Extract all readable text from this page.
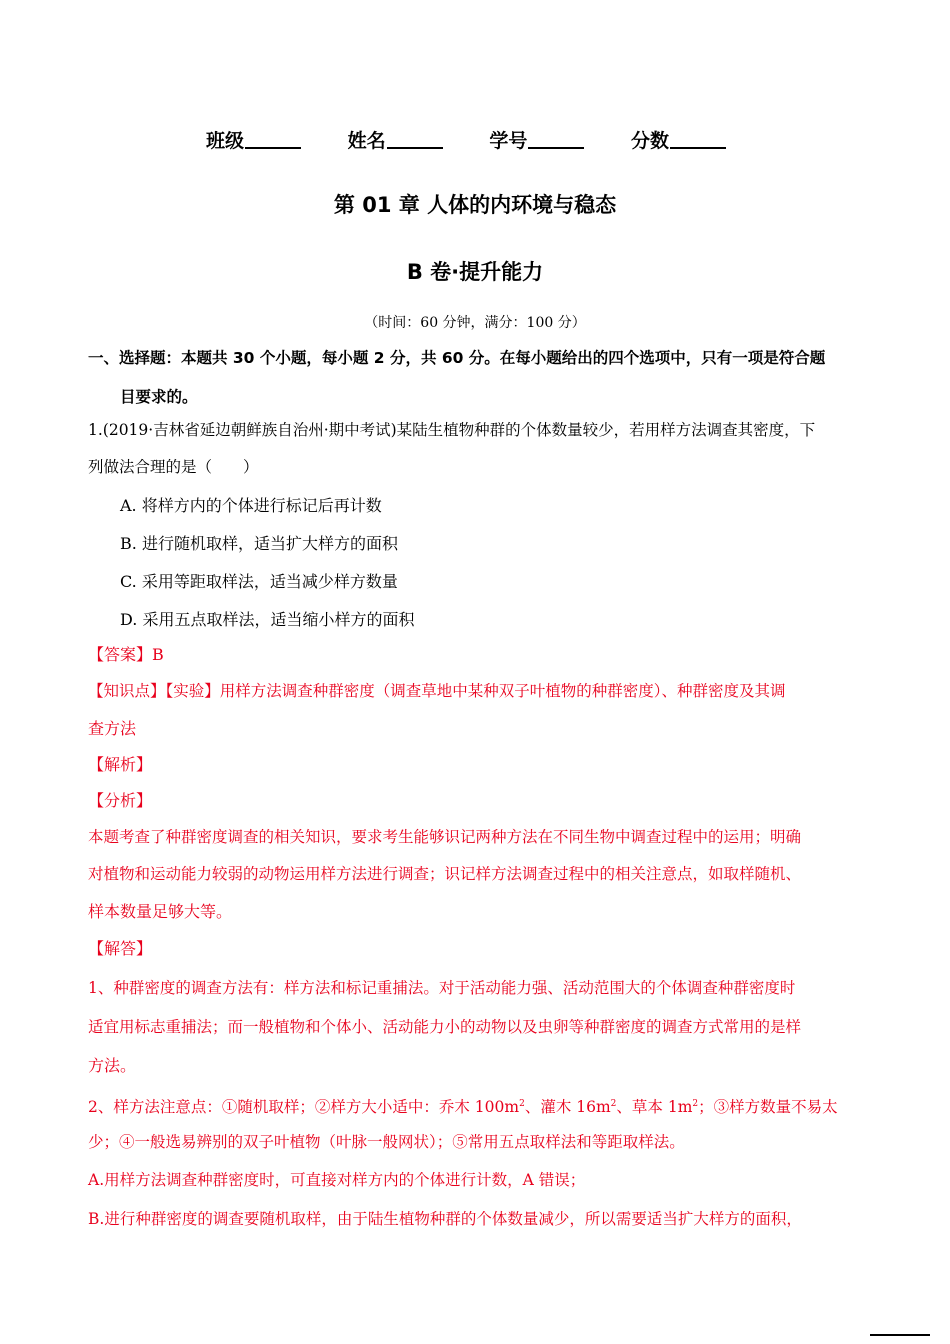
班级	姓名	学号	分数
第 01 章 人体的内环境与稳态
B 卷·提升能力
（时间：60 分钟，满分：100 分）
一、选择题：本题共 30 个小题，每小题 2 分，共 60 分。在每小题给出的四个选项中，只有一项是符合题
目要求的。
1.(2019·吉林省延边朝鲜族自治州·期中考试)某陆生植物种群的个体数量较少，若用样方法调查其密度，下
列做法合理的是（　　）
A. 将样方内的个体进行标记后再计数
B. 进行随机取样，适当扩大样方的面积
C. 采用等距取样法，适当减少样方数量
D. 采用五点取样法，适当缩小样方的面积
【答案】B
【知识点】【实验】用样方法调查种群密度（调查草地中某种双子叶植物的种群密度）、种群密度及其调
查方法
【解析】
【分析】
本题考查了种群密度调查的相关知识，要求考生能够识记两种方法在不同生物中调查过程中的运用；明确
对植物和运动能力较弱的动物运用样方法进行调查；识记样方法调查过程中的相关注意点，如取样随机、
样本数量足够大等。
【解答】
1、种群密度的调查方法有：样方法和标记重捕法。对于活动能力强、活动范围大的个体调查种群密度时
适宜用标志重捕法；而一般植物和个体小、活动能力小的动物以及虫卵等种群密度的调查方式常用的是样
方法。
2、样方法注意点：①随机取样；②样方大小适中：乔木 $100m^2$、灌木 $16m^2$、草本 $1m^2$；③样方数量不易太
少；④一般选易辨别的双子叶植物（叶脉一般网状）；⑤常用五点取样法和等距取样法。
A.用样方法调查种群密度时，可直接对样方内的个体进行计数，A 错误；
B.进行种群密度的调查要随机取样，由于陆生植物种群的个体数量减少，所以需要适当扩大样方的面积，
